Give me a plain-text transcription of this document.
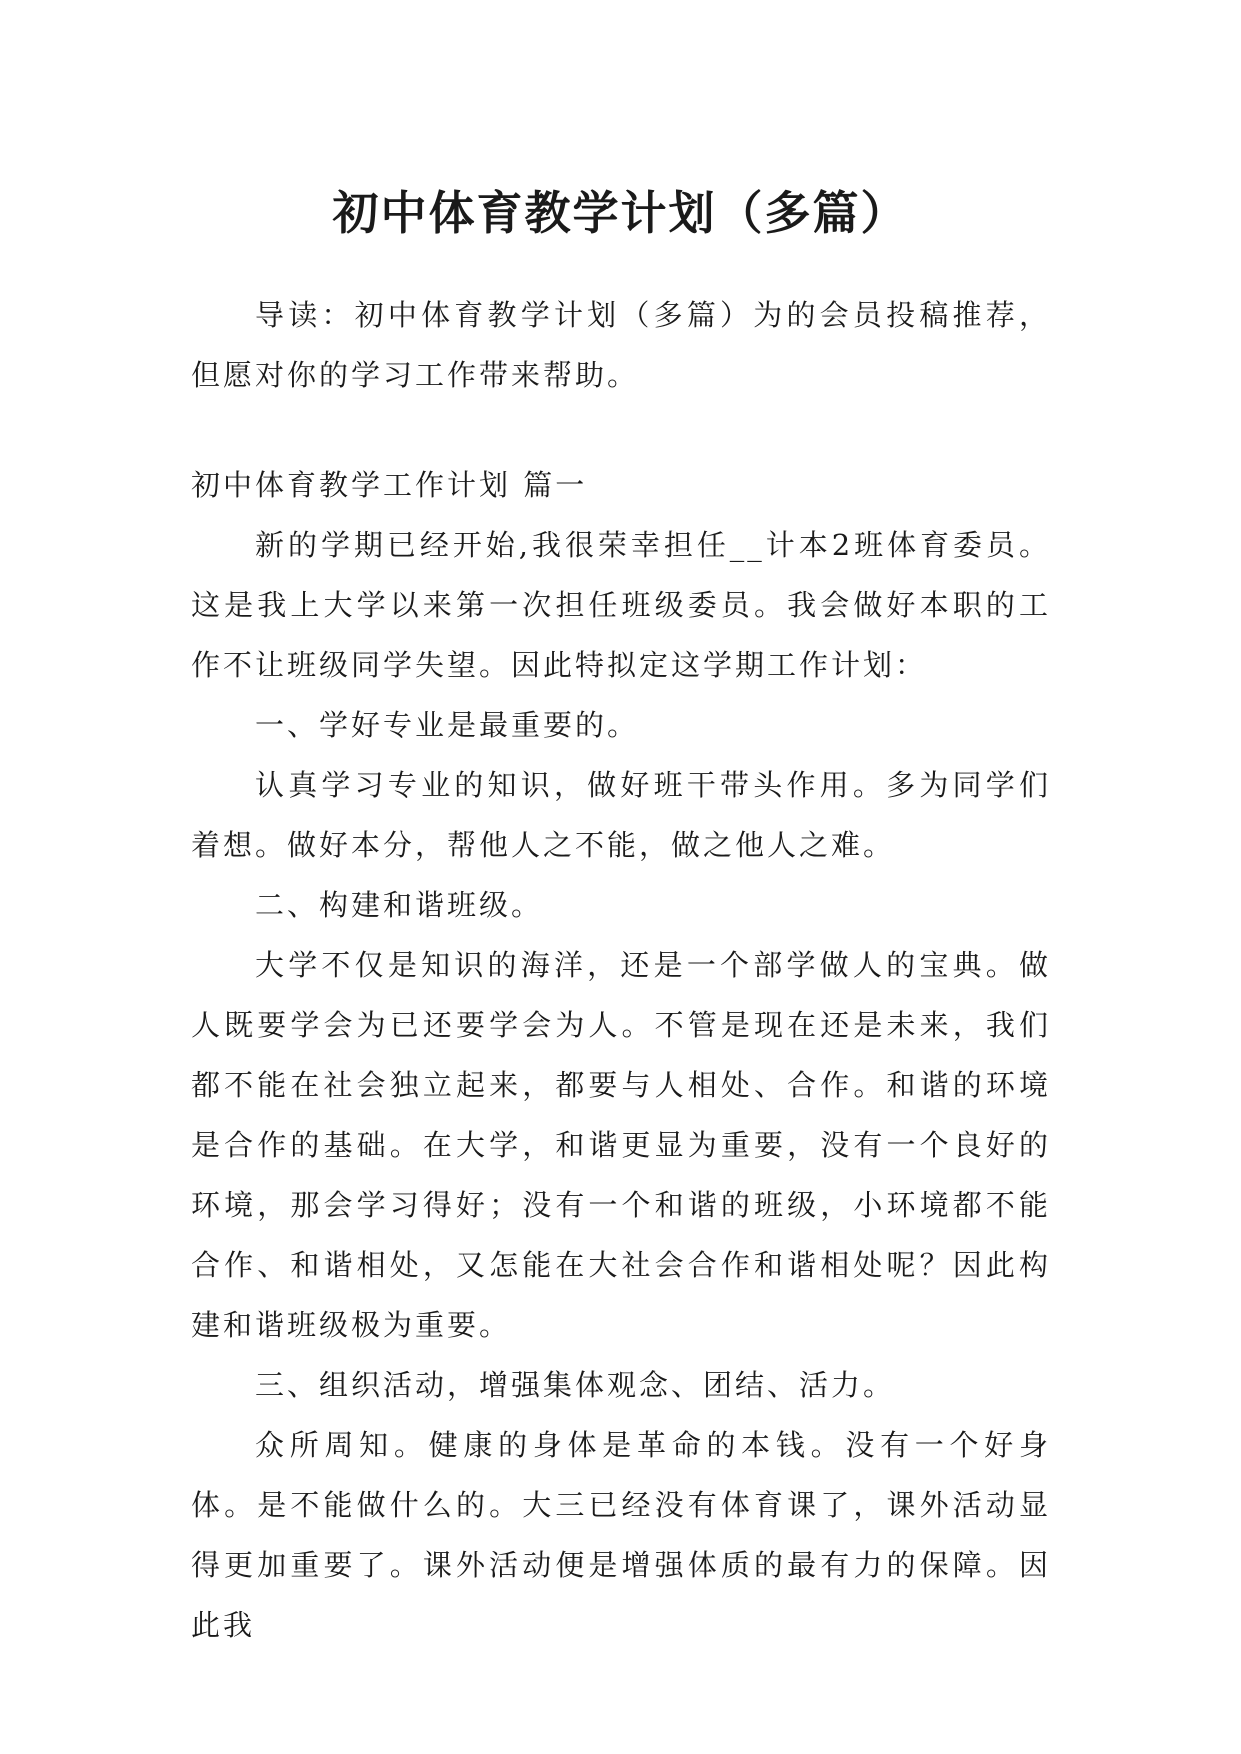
初中体育教学计划（多篇）

导读：初中体育教学计划（多篇）为的会员投稿推荐，但愿对你的学习工作带来帮助。

初中体育教学工作计划 篇一

新的学期已经开始,我很荣幸担任__计本2班体育委员。这是我上大学以来第一次担任班级委员。我会做好本职的工作不让班级同学失望。因此特拟定这学期工作计划：

一、学好专业是最重要的。

认真学习专业的知识，做好班干带头作用。多为同学们着想。做好本分，帮他人之不能，做之他人之难。

二、构建和谐班级。

大学不仅是知识的海洋，还是一个部学做人的宝典。做人既要学会为已还要学会为人。不管是现在还是未来，我们都不能在社会独立起来，都要与人相处、合作。和谐的环境是合作的基础。在大学，和谐更显为重要，没有一个良好的环境，那会学习得好；没有一个和谐的班级，小环境都不能合作、和谐相处，又怎能在大社会合作和谐相处呢？因此构建和谐班级极为重要。

三、组织活动，增强集体观念、团结、活力。

众所周知。健康的身体是革命的本钱。没有一个好身体。是不能做什么的。大三已经没有体育课了，课外活动显得更加重要了。课外活动便是增强体质的最有力的保障。因此我
